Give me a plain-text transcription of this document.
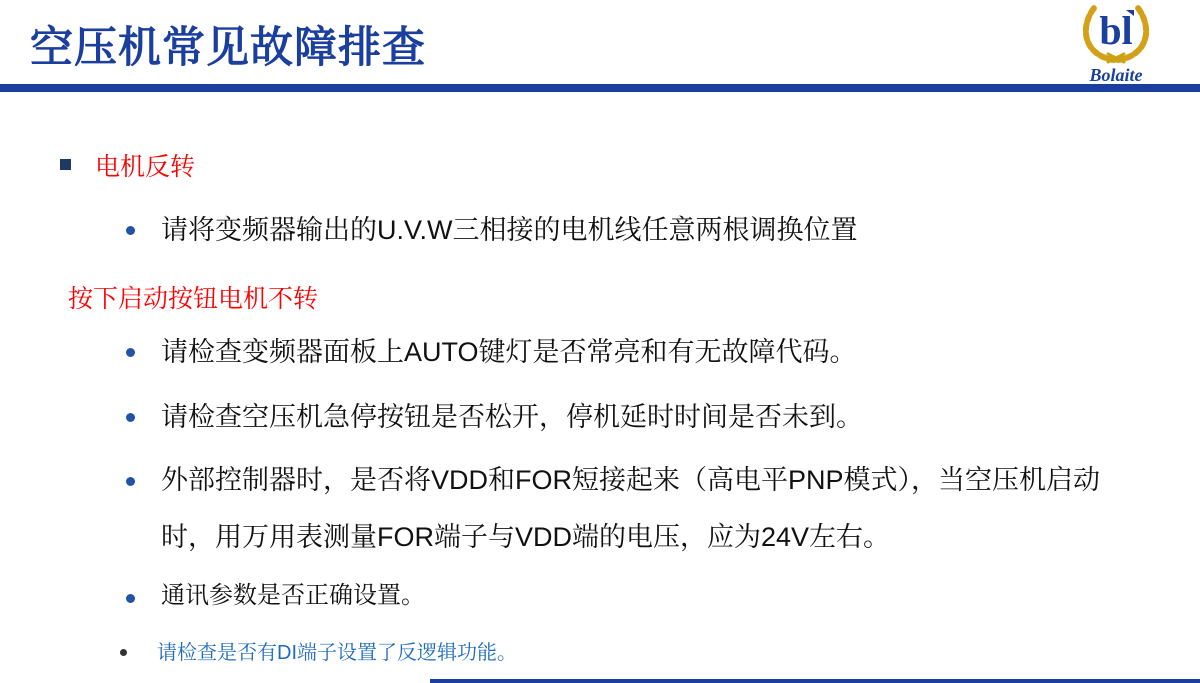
空压机常见故障排查	bl
Bolaite
电机反转
请将变频器输出的U.V.W三相接的电机线任意两根调换位置
按下启动按钮电机不转
请检查变频器面板上AUTO键灯是否常亮和有无故障代码。
请检查空压机急停按钮是否松开，停机延时时间是否未到。
外部控制器时，是否将VDD和FOR短接起来（高电平PNP模式），当空压机启动时，用万用表测量FOR端子与VDD端的电压，应为24V左右。
通讯参数是否正确设置。
请检查是否有DI端子设置了反逻辑功能。
